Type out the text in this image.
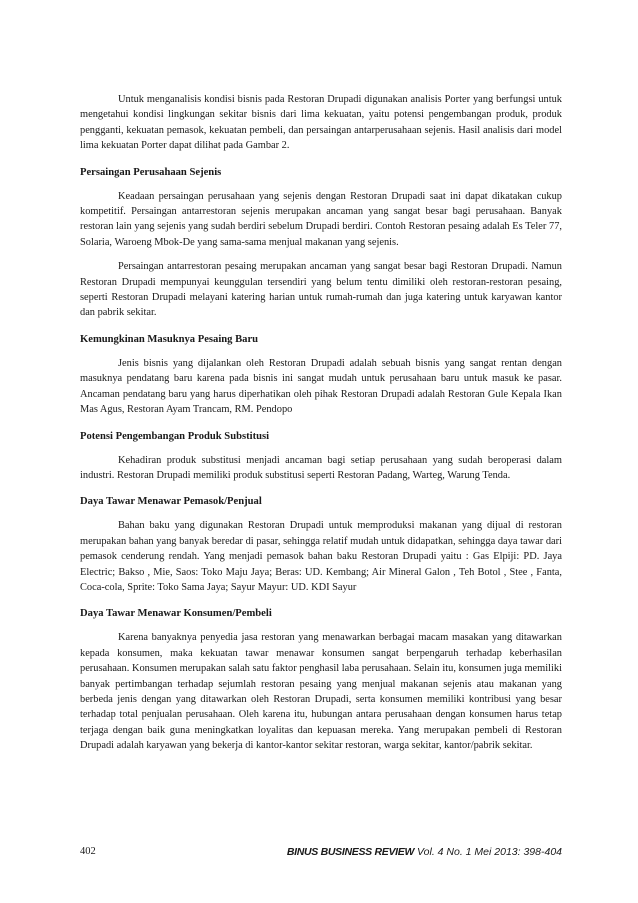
Untuk menganalisis kondisi bisnis pada Restoran Drupadi digunakan analisis Porter yang berfungsi untuk mengetahui kondisi lingkungan sekitar bisnis dari lima kekuatan, yaitu potensi pengembangan produk, produk pengganti, kekuatan pemasok, kekuatan pembeli, dan persaingan antarperusahaan sejenis. Hasil analisis dari model lima kekuatan Porter dapat dilihat pada Gambar 2.

Persaingan Perusahaan Sejenis

Keadaan persaingan perusahaan yang sejenis dengan Restoran Drupadi saat ini dapat dikatakan cukup kompetitif. Persaingan antarrestoran sejenis merupakan ancaman yang sangat besar bagi perusahaan. Banyak restoran lain yang sejenis yang sudah berdiri sebelum Drupadi berdiri. Contoh Restoran pesaing adalah Es Teler 77, Solaria, Waroeng Mbok-De yang sama-sama menjual makanan yang sejenis.

Persaingan antarrestoran pesaing merupakan ancaman yang sangat besar bagi Restoran Drupadi. Namun Restoran Drupadi mempunyai keunggulan tersendiri yang belum tentu dimiliki oleh restoran-restoran pesaing, seperti Restoran Drupadi melayani katering harian untuk rumah-rumah dan juga katering untuk karyawan kantor dan pabrik sekitar.

Kemungkinan Masuknya Pesaing Baru

Jenis bisnis yang dijalankan oleh Restoran Drupadi adalah sebuah bisnis yang sangat rentan dengan masuknya pendatang baru karena pada bisnis ini sangat mudah untuk perusahaan baru untuk masuk ke pasar. Ancaman pendatang baru yang harus diperhatikan oleh pihak Restoran Drupadi adalah Restoran Gule Kepala Ikan Mas Agus, Restoran Ayam Trancam, RM. Pendopo

Potensi Pengembangan Produk Substitusi

Kehadiran produk substitusi menjadi ancaman bagi setiap perusahaan yang sudah beroperasi dalam industri. Restoran Drupadi memiliki produk substitusi seperti Restoran Padang, Warteg, Warung Tenda.

Daya Tawar Menawar Pemasok/Penjual

Bahan baku yang digunakan Restoran Drupadi untuk memproduksi makanan yang dijual di restoran merupakan bahan yang banyak beredar di pasar, sehingga relatif mudah untuk didapatkan, sehingga daya tawar dari pemasok cenderung rendah. Yang menjadi pemasok bahan baku Restoran Drupadi yaitu : Gas Elpiji: PD. Jaya Electric; Bakso , Mie, Saos: Toko Maju Jaya; Beras: UD. Kembang; Air Mineral Galon , Teh Botol , Stee , Fanta, Coca-cola, Sprite: Toko Sama Jaya; Sayur Mayur: UD. KDI Sayur

Daya Tawar Menawar Konsumen/Pembeli

Karena banyaknya penyedia jasa restoran yang menawarkan berbagai macam masakan yang ditawarkan kepada konsumen, maka kekuatan tawar menawar konsumen sangat berpengaruh terhadap keberhasilan perusahaan. Konsumen merupakan salah satu faktor penghasil laba perusahaan. Selain itu, konsumen juga memiliki banyak pertimbangan terhadap sejumlah restoran pesaing yang menjual makanan sejenis atau makanan yang berbeda jenis dengan yang ditawarkan oleh Restoran Drupadi, serta konsumen memiliki kontribusi yang besar terhadap total penjualan perusahaan. Oleh karena itu, hubungan antara perusahaan dengan konsumen harus tetap terjaga dengan baik guna meningkatkan loyalitas dan kepuasan mereka. Yang merupakan pembeli di Restoran Drupadi adalah karyawan yang bekerja di kantor-kantor sekitar restoran, warga sekitar, kantor/pabrik sekitar.

402	BINUS BUSINESS REVIEW Vol. 4 No. 1 Mei 2013: 398-404
